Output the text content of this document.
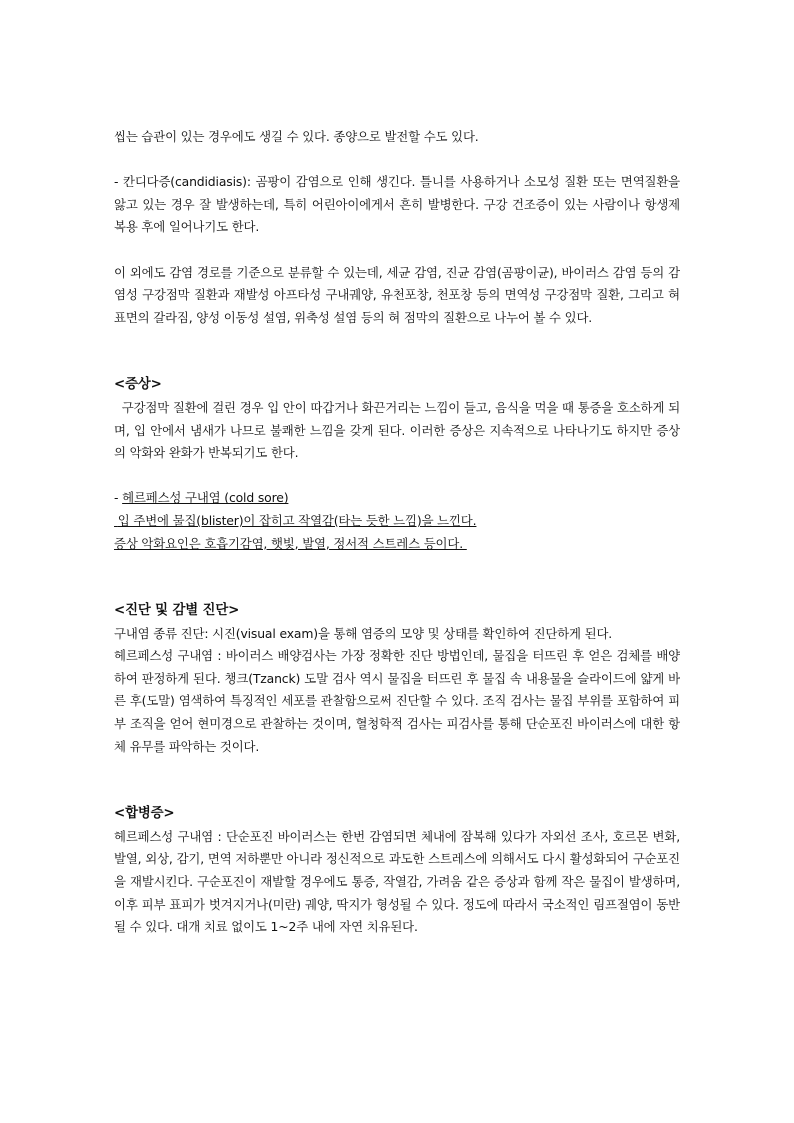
씹는 습관이 있는 경우에도 생길 수 있다. 종양으로 발전할 수도 있다.

- 칸디다증(candidiasis): 곰팡이 감염으로 인해 생긴다. 틀니를 사용하거나 소모성 질환 또는 면역질환을 앓고 있는 경우 잘 발생하는데, 특히 어린아이에게서 흔히 발병한다. 구강 건조증이 있는 사람이나 항생제 복용 후에 일어나기도 한다.

이 외에도 감염 경로를 기준으로 분류할 수 있는데, 세균 감염, 진균 감염(곰팡이균), 바이러스 감염 등의 감염성 구강점막 질환과 재발성 아프타성 구내궤양, 유천포창, 천포창 등의 면역성 구강점막 질환, 그리고 혀 표면의 갈라짐, 양성 이동성 설염, 위축성 설염 등의 혀 점막의 질환으로 나누어 볼 수 있다.

<증상>

구강점막 질환에 걸린 경우 입 안이 따갑거나 화끈거리는 느낌이 들고, 음식을 먹을 때 통증을 호소하게 되며, 입 안에서 냄새가 나므로 불쾌한 느낌을 갖게 된다. 이러한 증상은 지속적으로 나타나기도 하지만 증상의 악화와 완화가 반복되기도 한다.

- 헤르페스성 구내염 (cold sore)

입 주변에 물집(blister)이 잡히고 작열감(타는 듯한 느낌)을 느낀다.

증상 악화요인은 호흡기감염, 햇빛, 발열, 정서적 스트레스 등이다.

<진단 및 감별 진단>

구내염 종류 진단: 시진(visual exam)을 통해 염증의 모양 및 상태를 확인하여 진단하게 된다.

헤르페스성 구내염 : 바이러스 배양검사는 가장 정확한 진단 방법인데, 물집을 터뜨린 후 얻은 검체를 배양하여 판정하게 된다. 챙크(Tzanck) 도말 검사 역시 물집을 터뜨린 후 물집 속 내용물을 슬라이드에 얇게 바른 후(도말) 염색하여 특징적인 세포를 관찰함으로써 진단할 수 있다. 조직 검사는 물집 부위를 포함하여 피부 조직을 얻어 현미경으로 관찰하는 것이며, 혈청학적 검사는 피검사를 통해 단순포진 바이러스에 대한 항체 유무를 파악하는 것이다.

<합병증>

헤르페스성 구내염 : 단순포진 바이러스는 한번 감염되면 체내에 잠복해 있다가 자외선 조사, 호르몬 변화, 발열, 외상, 감기, 면역 저하뿐만 아니라 정신적으로 과도한 스트레스에 의해서도 다시 활성화되어 구순포진을 재발시킨다. 구순포진이 재발할 경우에도 통증, 작열감, 가려움 같은 증상과 함께 작은 물집이 발생하며, 이후 피부 표피가 벗겨지거나(미란) 궤양, 딱지가 형성될 수 있다. 정도에 따라서 국소적인 림프절염이 동반될 수 있다. 대개 치료 없이도 1~2주 내에 자연 치유된다.
